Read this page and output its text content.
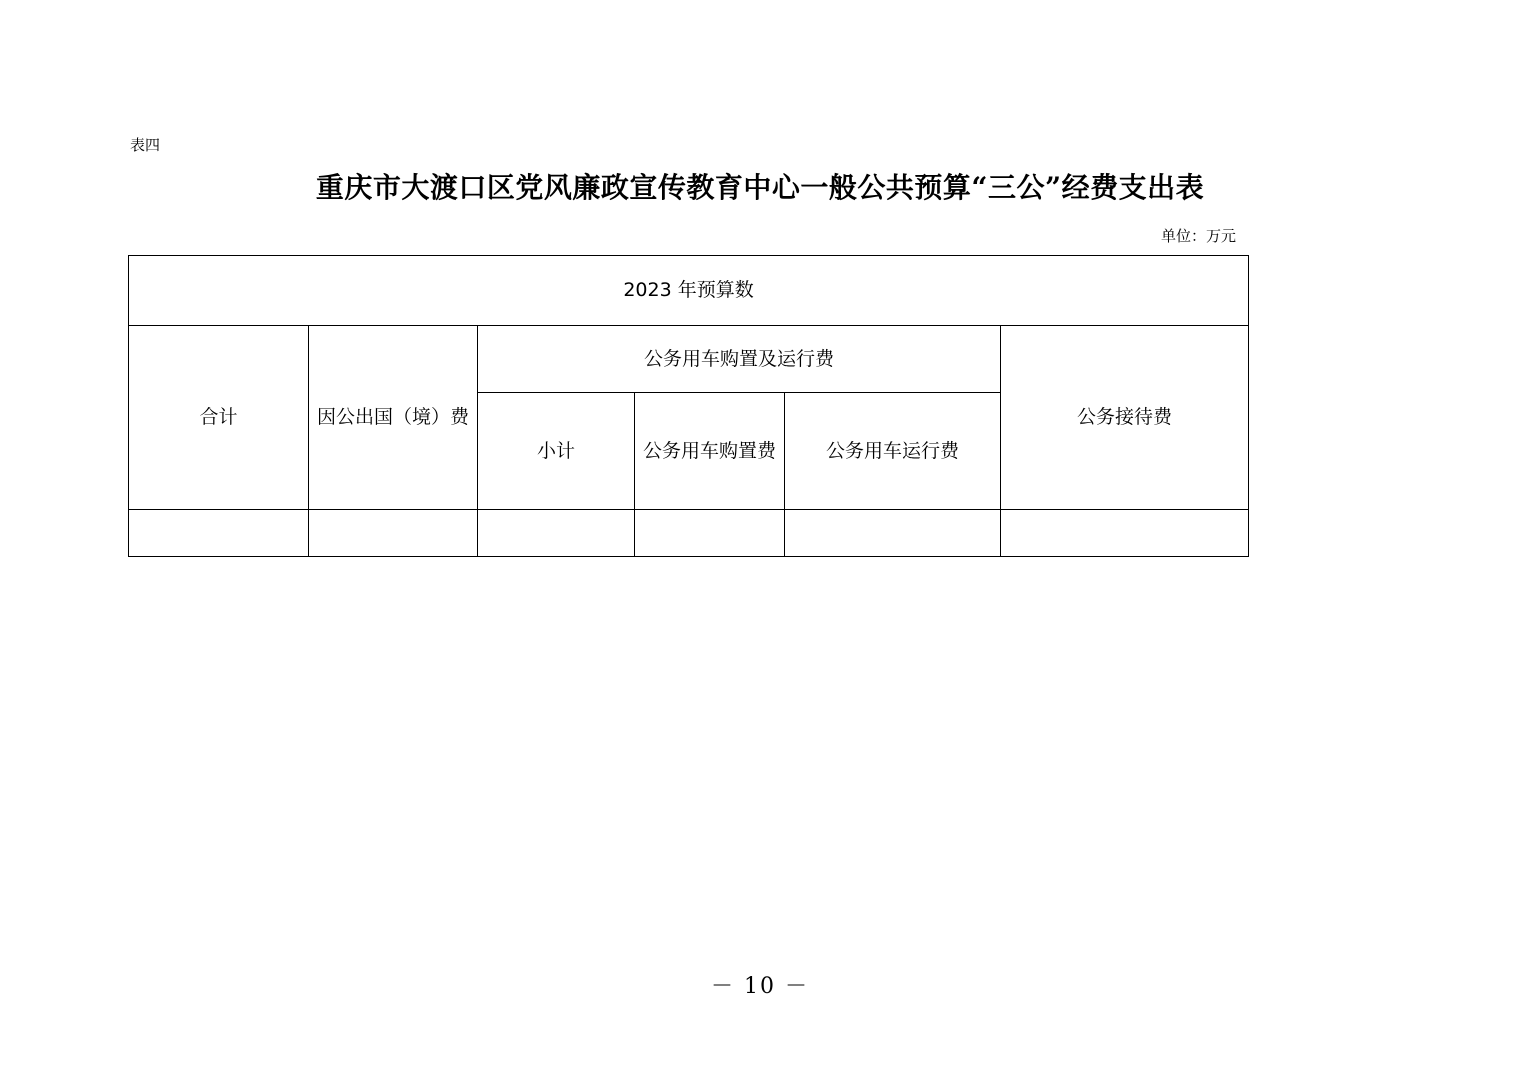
表四
重庆市大渡口区党风廉政宣传教育中心一般公共预算“三公”经费支出表
单位：万元
2023 年预算数					
合计	因公出国（境）费	公务用车购置及运行费			公务接待费
		小计	公务用车购置费	公务用车运行费	

－ 10 －
